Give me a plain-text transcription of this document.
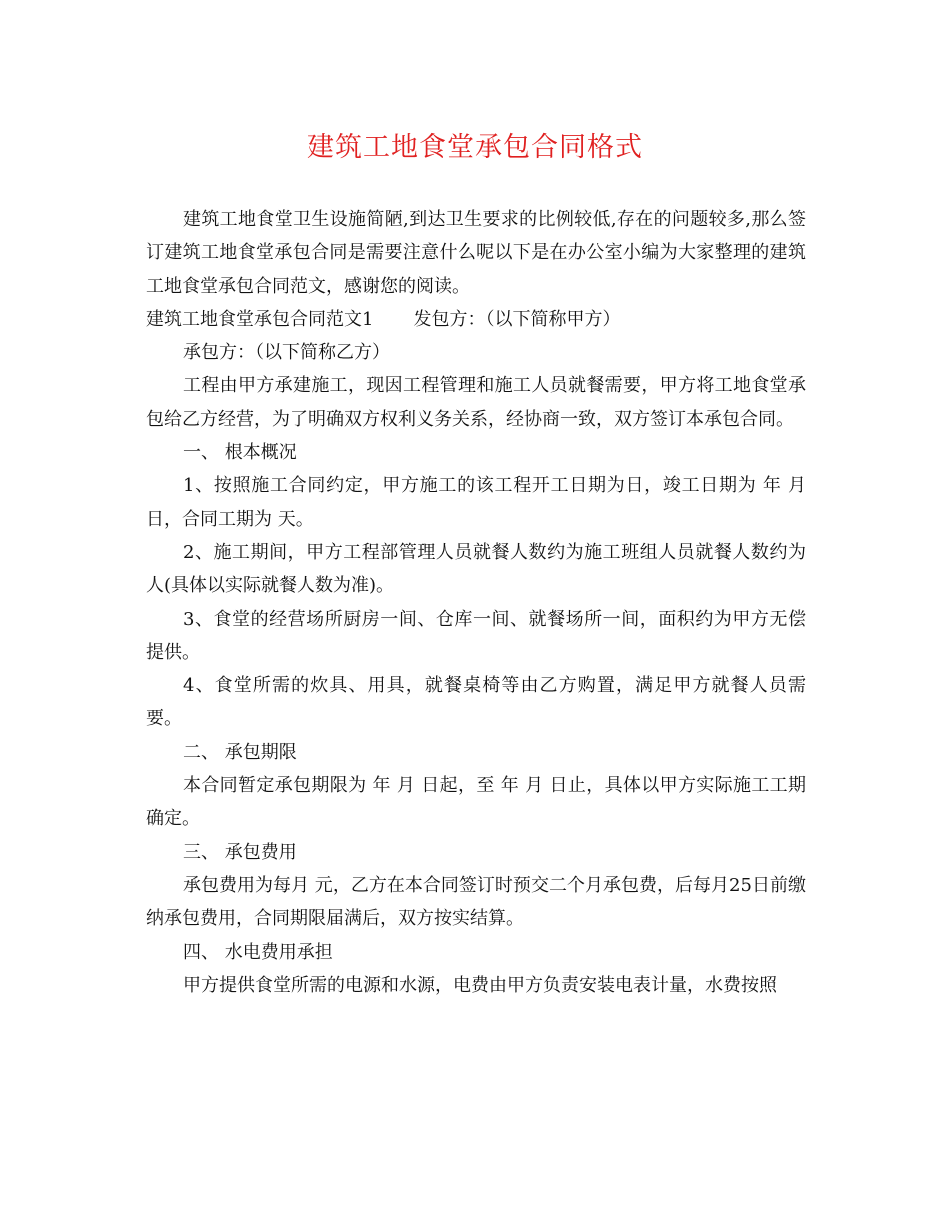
建筑工地食堂承包合同格式

建筑工地食堂卫生设施简陋,到达卫生要求的比例较低,存在的问题较多,那么签订建筑工地食堂承包合同是需要注意什么呢以下是在办公室小编为大家整理的建筑工地食堂承包合同范文，感谢您的阅读。

建筑工地食堂承包合同范文1 发包方：（以下简称甲方）

承包方：（以下简称乙方）

工程由甲方承建施工，现因工程管理和施工人员就餐需要，甲方将工地食堂承包给乙方经营，为了明确双方权利义务关系，经协商一致，双方签订本承包合同。

一、 根本概况

1、按照施工合同约定，甲方施工的该工程开工日期为日，竣工日期为 年 月日，合同工期为 天。

2、施工期间，甲方工程部管理人员就餐人数约为施工班组人员就餐人数约为 人(具体以实际就餐人数为准)。

3、食堂的经营场所厨房一间、仓库一间、就餐场所一间，面积约为甲方无偿提供。

4、食堂所需的炊具、用具，就餐桌椅等由乙方购置，满足甲方就餐人员需要。

二、 承包期限

本合同暂定承包期限为 年 月 日起，至 年 月 日止，具体以甲方实际施工工期确定。

三、 承包费用

承包费用为每月 元，乙方在本合同签订时预交二个月承包费，后每月25日前缴纳承包费用，合同期限届满后，双方按实结算。

四、 水电费用承担

甲方提供食堂所需的电源和水源，电费由甲方负责安装电表计量，水费按照
